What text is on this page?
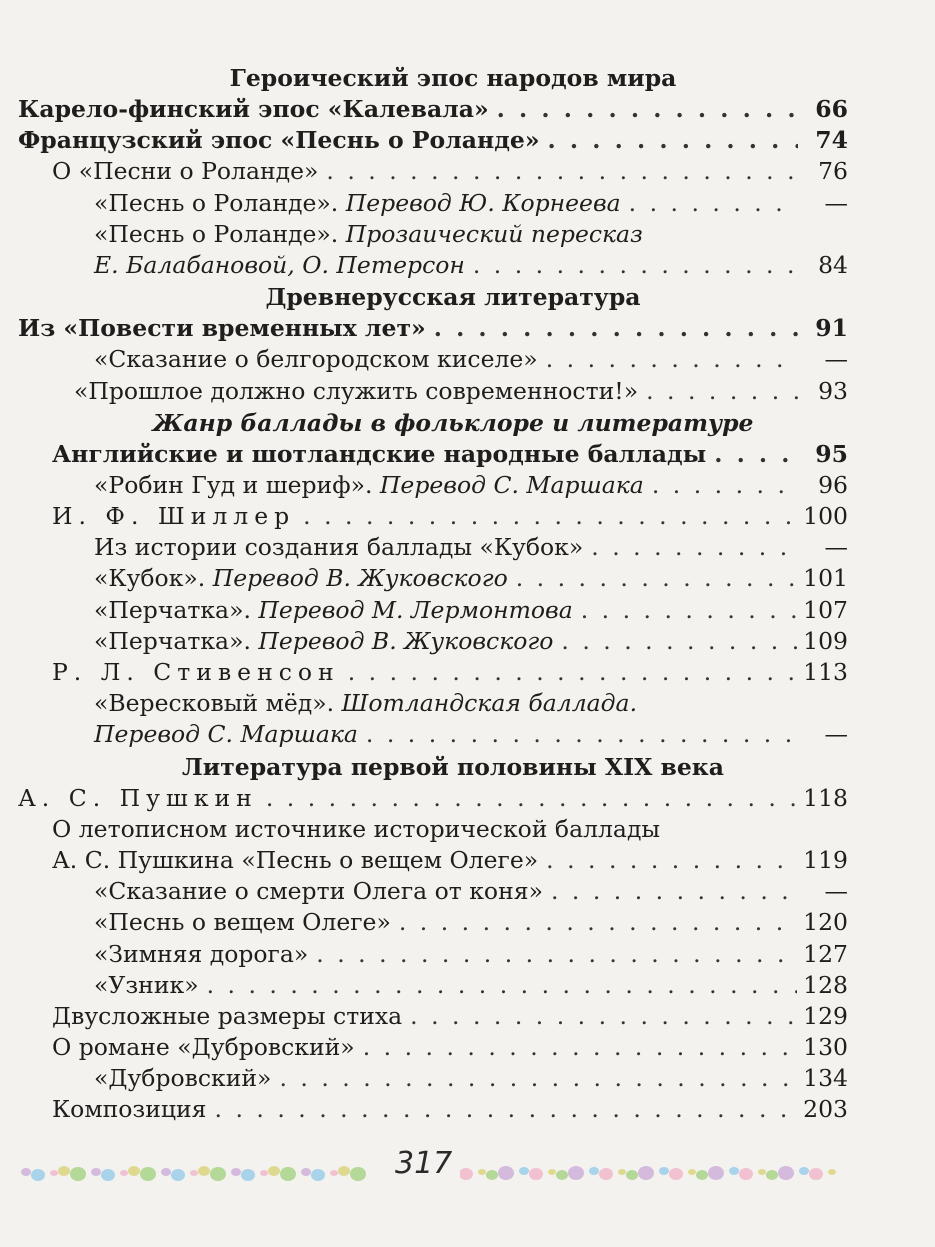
Героический эпос народов мира
Карело-финский эпос «Калевала» . . .	66
Французский эпос «Песнь о Роланде» . . .	74
О «Песни о Роланде» . . .	76
«Песнь о Роланде». Перевод Ю. Корнеева . . .	—
«Песнь о Роланде». Прозаический пересказ
Е. Балабановой, О. Петерсон . . .	84
Древнерусская литература
Из «Повести временных лет» . . .	91
«Сказание о белгородском киселе» . . .	—
«Прошлое должно служить современности!» . . .	93
Жанр баллады в фольклоре и литературе
Английские и шотландские народные баллады . . .	95
«Робин Гуд и шериф». Перевод С. Маршака . . .	96
И. Ф. Шиллер . . .	100
Из истории создания баллады «Кубок» . . .	—
«Кубок». Перевод В. Жуковского . . .	101
«Перчатка». Перевод М. Лермонтова . . .	107
«Перчатка». Перевод В. Жуковского . . .	109
Р. Л. Стивенсон . . .	113
«Вересковый мёд». Шотландская баллада.
Перевод С. Маршака . . .	—
Литература первой половины XIX века
А. С. Пушкин . . .	118
О летописном источнике исторической баллады
А. С. Пушкина «Песнь о вещем Олеге» . . .	119
«Сказание о смерти Олега от коня» . . .	—
«Песнь о вещем Олеге» . . .	120
«Зимняя дорога» . . .	127
«Узник» . . .	128
Двусложные размеры стиха . . .	129
О романе «Дубровский» . . .	130
«Дубровский» . . .	134
Композиция . . .	203
317
